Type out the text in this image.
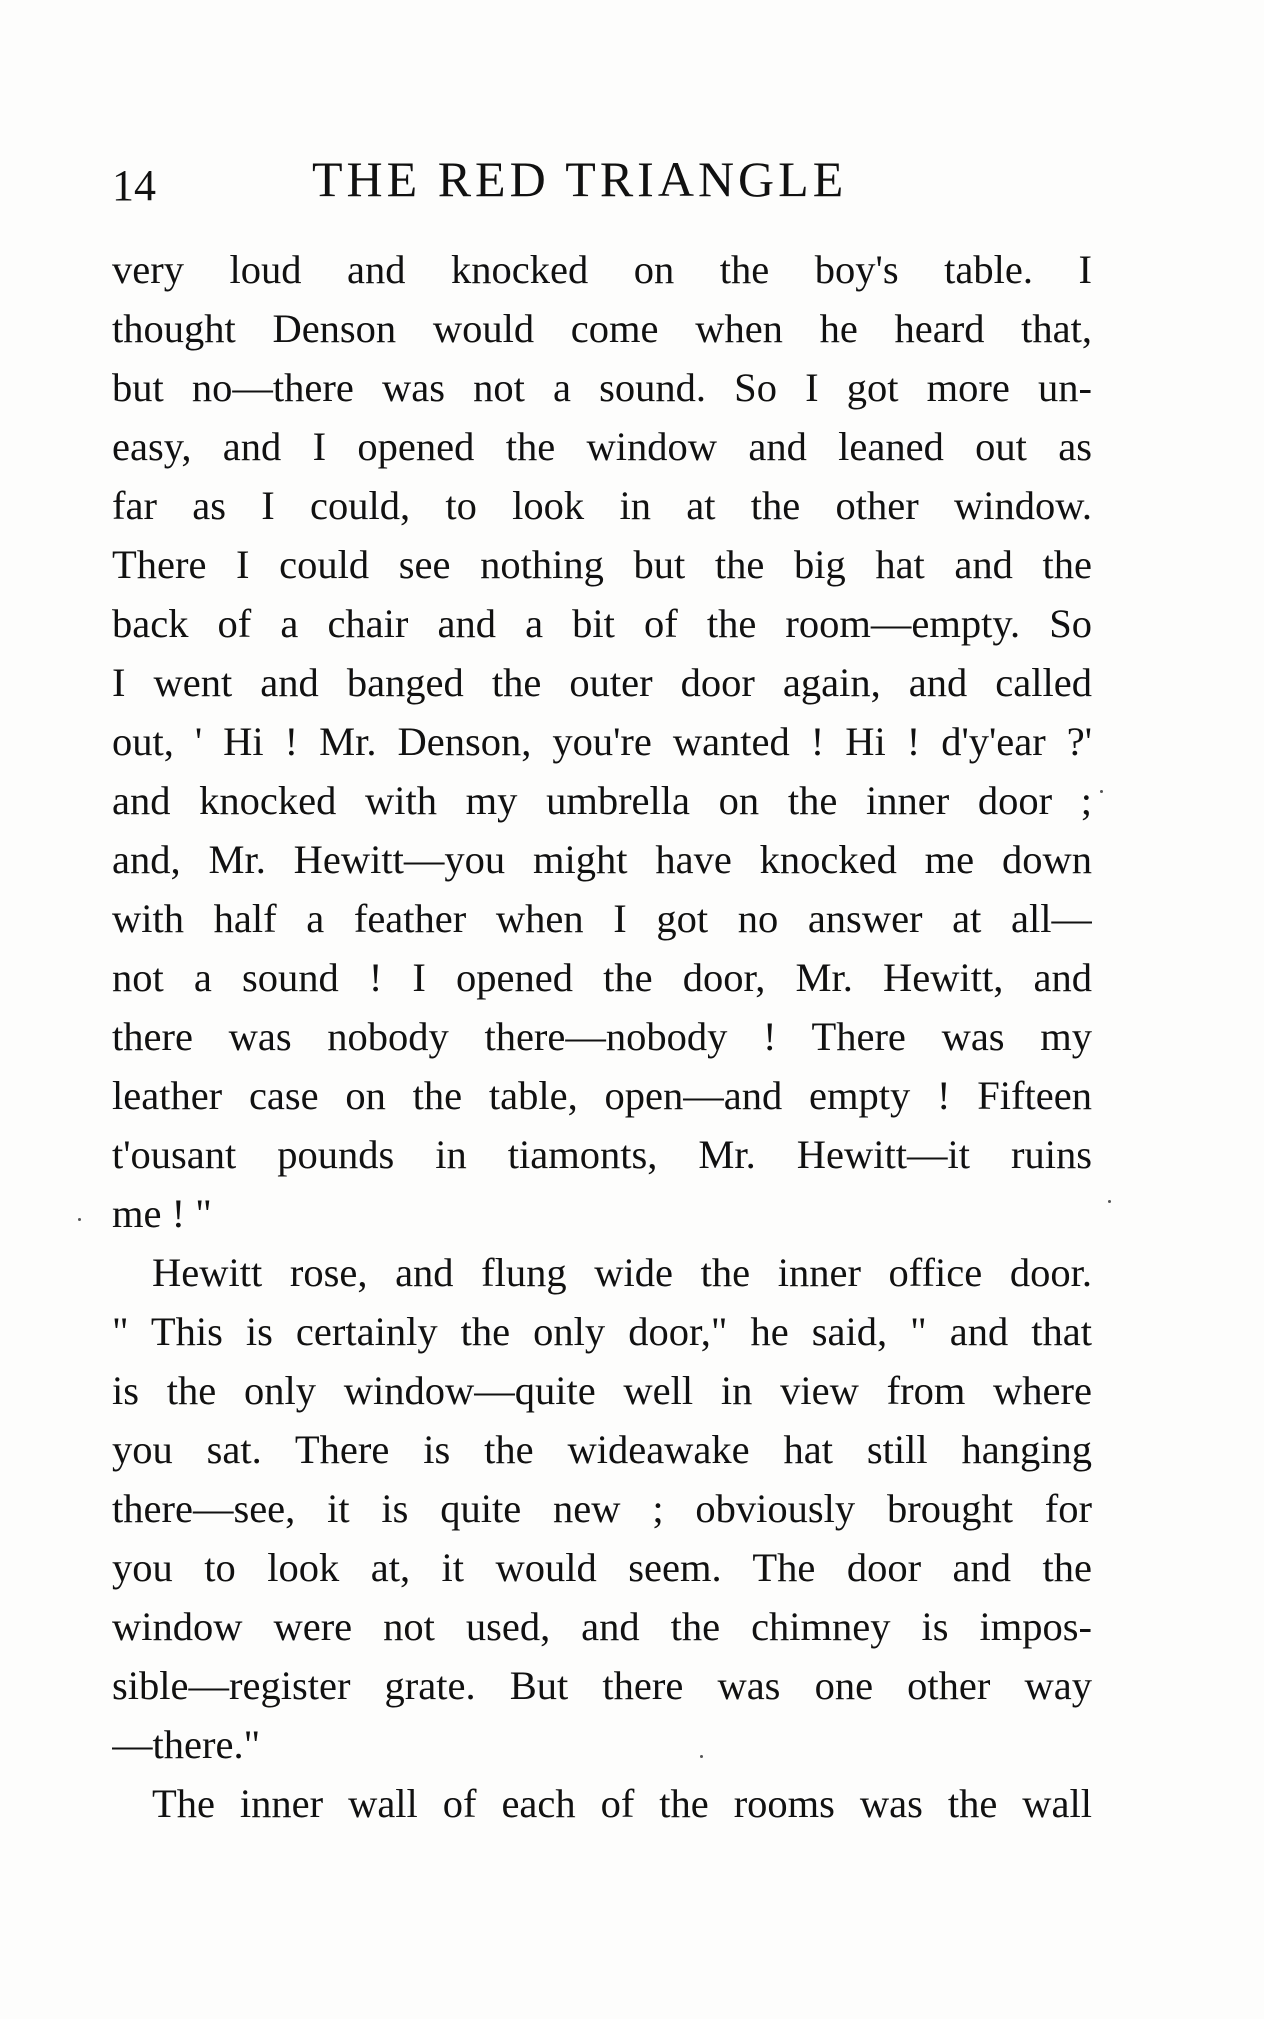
14	THE RED TRIANGLE
very loud and knocked on the boy's table. I
thought Denson would come when he heard that,
but no—there was not a sound. So I got more un-
easy, and I opened the window and leaned out as
far as I could, to look in at the other window.
There I could see nothing but the big hat and the
back of a chair and a bit of the room—empty. So
I went and banged the outer door again, and called
out, ' Hi ! Mr. Denson, you're wanted ! Hi ! d'y'ear ?'
and knocked with my umbrella on the inner door ;
and, Mr. Hewitt—you might have knocked me down
with half a feather when I got no answer at all—
not a sound ! I opened the door, Mr. Hewitt, and
there was nobody there—nobody ! There was my
leather case on the table, open—and empty ! Fifteen
t'ousant pounds in tiamonts, Mr. Hewitt—it ruins
me ! "
Hewitt rose, and flung wide the inner office door.
" This is certainly the only door," he said, " and that
is the only window—quite well in view from where
you sat. There is the wideawake hat still hanging
there—see, it is quite new ; obviously brought for
you to look at, it would seem. The door and the
window were not used, and the chimney is impos-
sible—register grate. But there was one other way
—there."
The inner wall of each of the rooms was the wall
